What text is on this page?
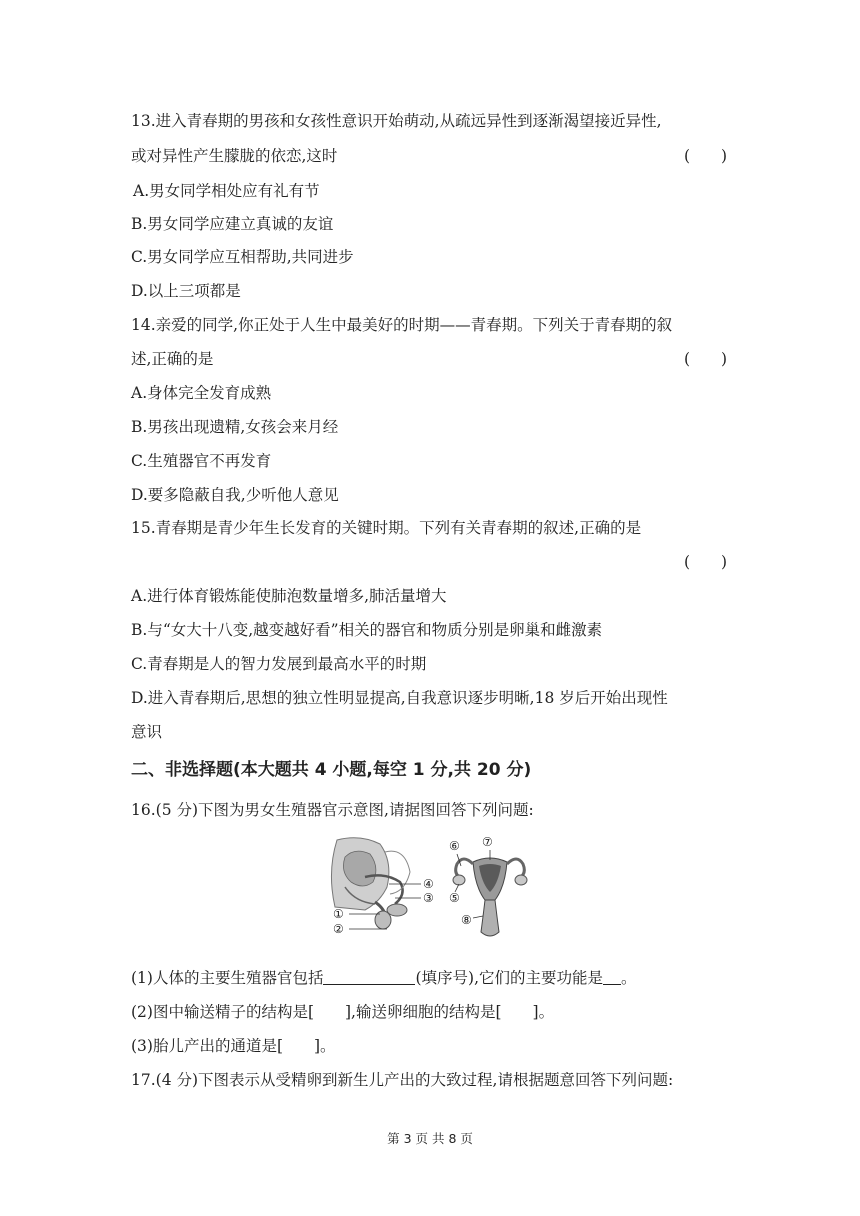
13.进入青春期的男孩和女孩性意识开始萌动,从疏远异性到逐渐渴望接近异性,
或对异性产生朦胧的依恋,这时	(　　)
A.男女同学相处应有礼有节
B.男女同学应建立真诚的友谊
C.男女同学应互相帮助,共同进步
D.以上三项都是
14.亲爱的同学,你正处于人生中最美好的时期——青春期。下列关于青春期的叙
述,正确的是	(　　)
A.身体完全发育成熟
B.男孩出现遗精,女孩会来月经
C.生殖器官不再发育
D.要多隐蔽自我,少听他人意见
15.青春期是青少年生长发育的关键时期。下列有关青春期的叙述,正确的是
(　　)
A.进行体育锻炼能使肺泡数量增多,肺活量增大
B.与“女大十八变,越变越好看”相关的器官和物质分别是卵巢和雌激素
C.青春期是人的智力发展到最高水平的时期
D.进入青春期后,思想的独立性明显提高,自我意识逐步明晰,18 岁后开始出现性
意识
二、非选择题(本大题共 4 小题,每空 1 分,共 20 分)
16.(5 分)下图为男女生殖器官示意图,请据图回答下列问题:
①
②
③
④
⑤
⑥ ⑦
⑧
(1)人体的主要生殖器官包括	(填序号),它们的主要功能是 。
(2)图中输送精子的结构是[　　],输送卵细胞的结构是[　　]。
(3)胎儿产出的通道是[　　]。
17.(4 分)下图表示从受精卵到新生儿产出的大致过程,请根据题意回答下列问题:
第 3 页 共 8 页
